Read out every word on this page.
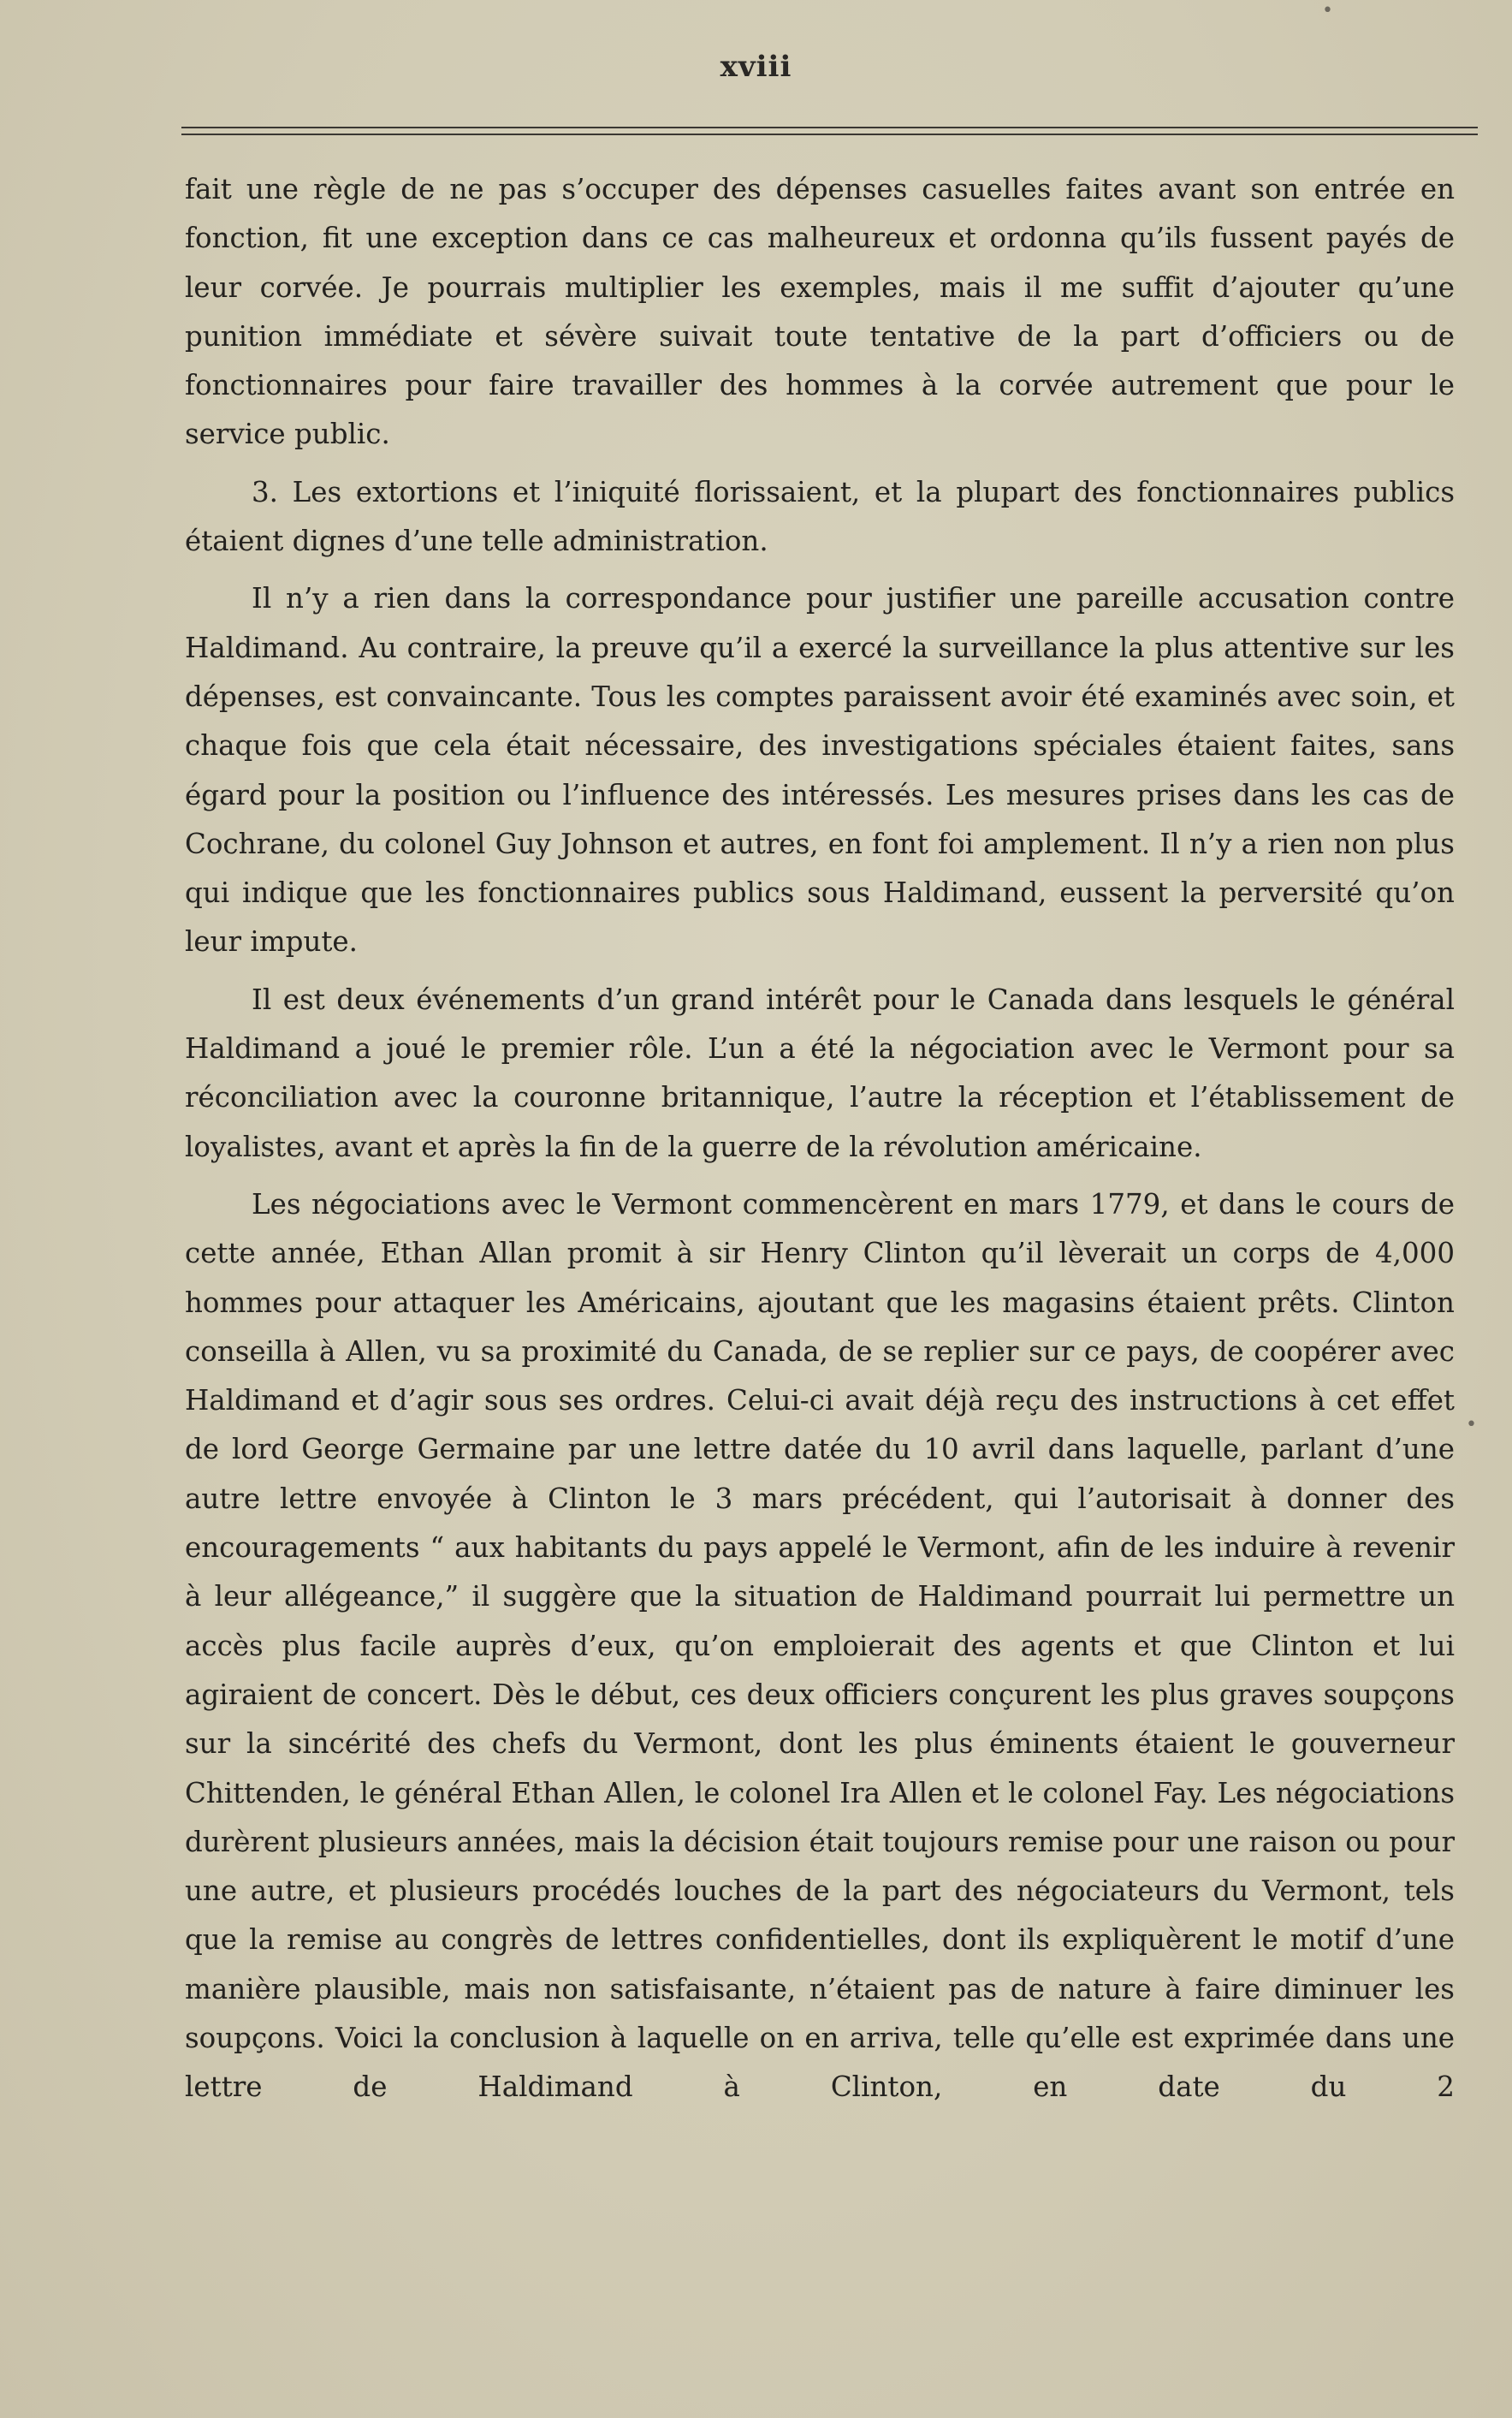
xviii

fait une règle de ne pas s’occuper des dépenses casuelles faites avant son entrée en fonction, fit une exception dans ce cas malheureux et ordonna qu’ils fussent payés de leur corvée. Je pourrais multiplier les exemples, mais il me suffit d’ajouter qu’une punition immédiate et sévère suivait toute tentative de la part d’officiers ou de fonctionnaires pour faire travailler des hommes à la corvée autrement que pour le service public.

3. Les extortions et l’iniquité florissaient, et la plupart des fonctionnaires publics étaient dignes d’une telle administration.

Il n’y a rien dans la correspondance pour justifier une pareille accusation contre Haldimand. Au contraire, la preuve qu’il a exercé la surveillance la plus attentive sur les dépenses, est convaincante. Tous les comptes paraissent avoir été examinés avec soin, et chaque fois que cela était nécessaire, des investigations spéciales étaient faites, sans égard pour la position ou l’influence des intéressés. Les mesures prises dans les cas de Cochrane, du colonel Guy Johnson et autres, en font foi amplement. Il n’y a rien non plus qui indique que les fonctionnaires publics sous Haldimand, eussent la perversité qu’on leur impute.

Il est deux événements d’un grand intérêt pour le Canada dans lesquels le général Haldimand a joué le premier rôle. L’un a été la négociation avec le Vermont pour sa réconciliation avec la couronne britannique, l’autre la réception et l’établissement de loyalistes, avant et après la fin de la guerre de la révolution américaine.

Les négociations avec le Vermont commencèrent en mars 1779, et dans le cours de cette année, Ethan Allan promit à sir Henry Clinton qu’il lèverait un corps de 4,000 hommes pour attaquer les Américains, ajoutant que les magasins étaient prêts. Clinton conseilla à Allen, vu sa proximité du Canada, de se replier sur ce pays, de coopérer avec Haldimand et d’agir sous ses ordres. Celui-ci avait déjà reçu des instructions à cet effet de lord George Germaine par une lettre datée du 10 avril dans laquelle, parlant d’une autre lettre envoyée à Clinton le 3 mars précédent, qui l’autorisait à donner des encouragements “ aux habitants du pays appelé le Vermont, afin de les induire à revenir à leur allégeance,” il suggère que la situation de Haldimand pourrait lui permettre un accès plus facile auprès d’eux, qu’on emploierait des agents et que Clinton et lui agiraient de concert. Dès le début, ces deux officiers conçurent les plus graves soupçons sur la sincérité des chefs du Vermont, dont les plus éminents étaient le gouverneur Chittenden, le général Ethan Allen, le colonel Ira Allen et le colonel Fay. Les négociations durèrent plusieurs années, mais la décision était toujours remise pour une raison ou pour une autre, et plusieurs procédés louches de la part des négociateurs du Vermont, tels que la remise au congrès de lettres confidentielles, dont ils expliquèrent le motif d’une manière plausible, mais non satisfaisante, n’étaient pas de nature à faire diminuer les soupçons. Voici la conclusion à laquelle on en arriva, telle qu’elle est exprimée dans une lettre de Haldimand à Clinton, en date du 2

•
•
